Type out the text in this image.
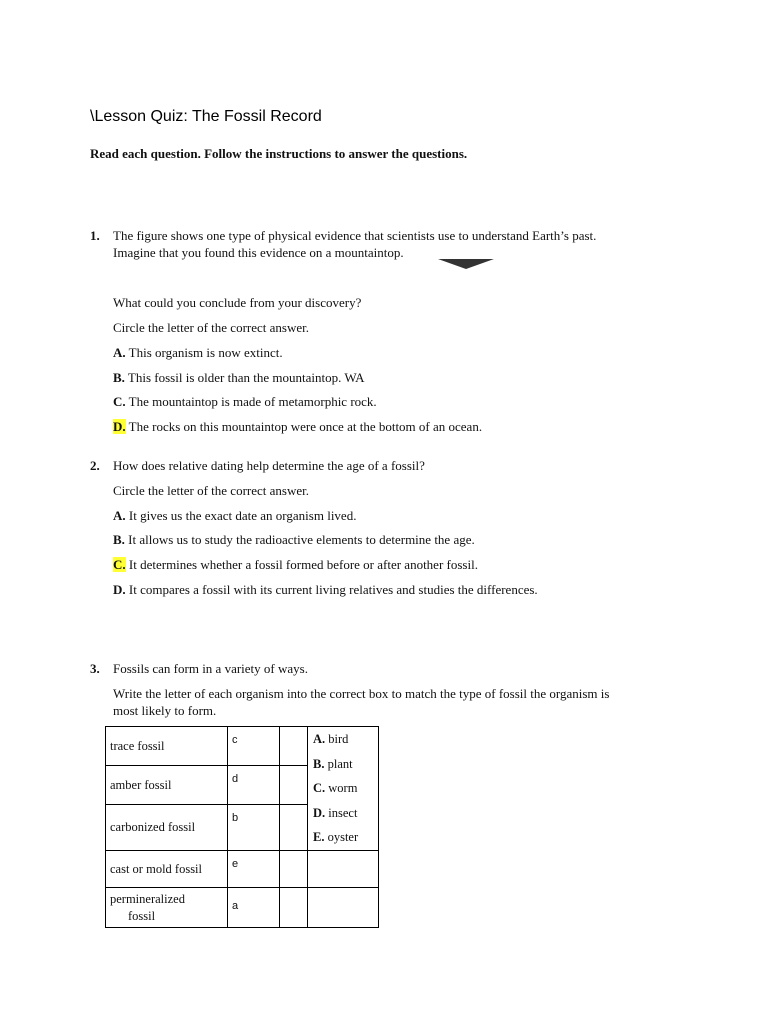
\Lesson Quiz: The Fossil Record
Read each question. Follow the instructions to answer the questions.
1. The figure shows one type of physical evidence that scientists use to understand Earth’s past.
Imagine that you found this evidence on a mountaintop.
What could you conclude from your discovery?
Circle the letter of the correct answer.
A. This organism is now extinct.
B. This fossil is older than the mountaintop. WA
C. The mountaintop is made of metamorphic rock.
D. The rocks on this mountaintop were once at the bottom of an ocean.
2. How does relative dating help determine the age of a fossil?
Circle the letter of the correct answer.
A. It gives us the exact date an organism lived.
B. It allows us to study the radioactive elements to determine the age.
C. It determines whether a fossil formed before or after another fossil.
D. It compares a fossil with its current living relatives and studies the differences.
3. Fossils can form in a variety of ways.
Write the letter of each organism into the correct box to match the type of fossil the organism is
most likely to form.
trace fossil	c		A. bird
B. plant
C. worm
D. insect
E. oyster

amber fossil	d		
carbonized fossil	b		
cast or mold fossil	e		

permineralized
fossil	a		
